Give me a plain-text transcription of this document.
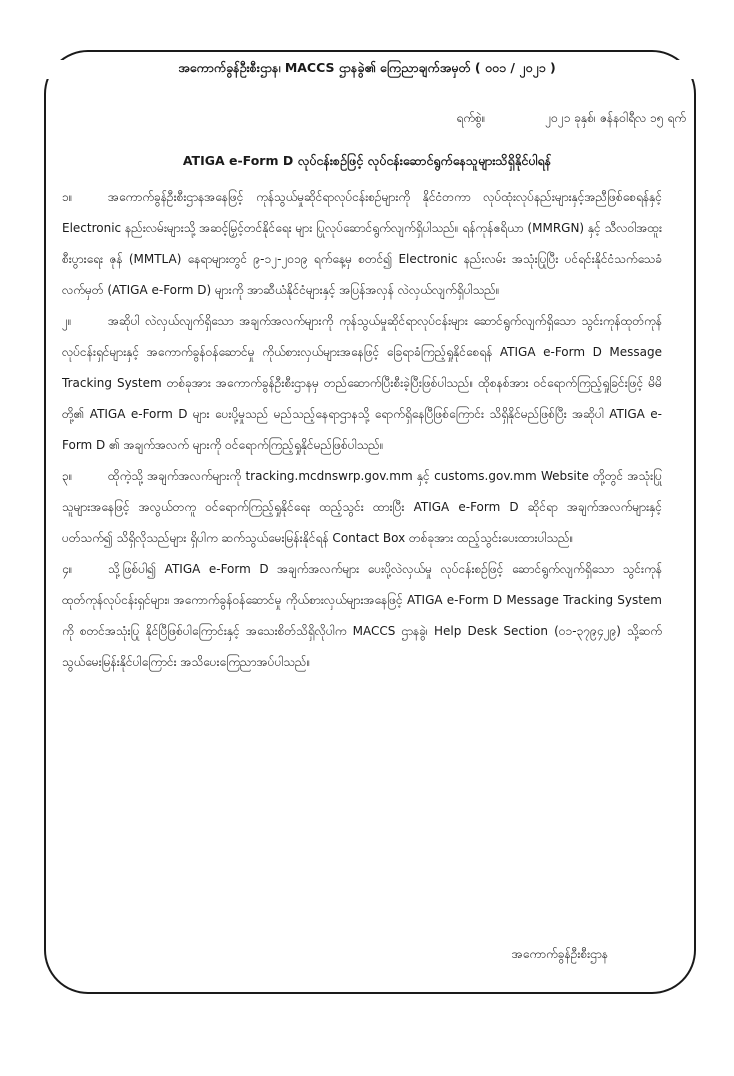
အကောက်ခွန်ဦးစီးဌာန၊ MACCS ဌာနခွဲ၏ ကြေညာချက်အမှတ် ( ၀၀၁ / ၂၀၂၁ )
ရက်စွဲ။	၂၀၂၁ ခုနှစ်၊ ဇန်နဝါရီလ ၁၅ ရက်
ATIGA e-Form D လုပ်ငန်းစဉ်ဖြင့် လုပ်ငန်းဆောင်ရွက်နေသူများသိရှိနိုင်ပါရန်

၁။	အကောက်ခွန်ဦးစီးဌာနအနေဖြင့် ကုန်သွယ်မှုဆိုင်ရာလုပ်ငန်းစဉ်များကို နိုင်ငံတကာ လုပ်ထုံးလုပ်နည်းများနှင့်အညီဖြစ်စေရန်နှင့် Electronic နည်းလမ်းများသို့ အဆင့်မြှင့်တင်နိုင်ရေး များ ပြုလုပ်ဆောင်ရွက်လျက်ရှိပါသည်။ ရန်ကုန်ဧရိယာ (MMRGN) နှင့် သီလဝါအထူးစီးပွားရေး ဇုန် (MMTLA) နေရာများတွင် ၉-၁၂-၂၀၁၉ ရက်နေ့မှ စတင်၍ Electronic နည်းလမ်း အသုံးပြုပြီး ပင်ရင်းနိုင်ငံသက်သေခံလက်မှတ် (ATIGA e-Form D) များကို အာဆီယံနိုင်ငံများနှင့် အပြန်အလှန် လဲလှယ်လျက်ရှိပါသည်။

၂။	အဆိုပါ လဲလှယ်လျက်ရှိသော အချက်အလက်များကို ကုန်သွယ်မှုဆိုင်ရာလုပ်ငန်းများ ဆောင်ရွက်လျက်ရှိသော သွင်းကုန်ထုတ်ကုန်လုပ်ငန်းရှင်များနှင့် အကောက်ခွန်ဝန်ဆောင်မှု ကိုယ်စားလှယ်များအနေဖြင့် ခြေရာခံကြည့်ရှုနိုင်စေရန် ATIGA e-Form D Message Tracking System တစ်ခုအား အကောက်ခွန်ဦးစီးဌာနမှ တည်ဆောက်ပြီးစီးခဲ့ပြီးဖြစ်ပါသည်။ ထိုစနစ်အား ဝင်ရောက်ကြည့်ရှုခြင်းဖြင့် မိမိတို့၏ ATIGA e-Form D များ ပေးပို့မှုသည် မည်သည့်နေရာဌာနသို့ ရောက်ရှိနေပြီဖြစ်ကြောင်း သိရှိနိုင်မည်ဖြစ်ပြီး အဆိုပါ ATIGA e-Form D ၏ အချက်အလက် များကို ဝင်ရောက်ကြည့်ရှုနိုင်မည်ဖြစ်ပါသည်။

၃။	ထိုကဲ့သို့ အချက်အလက်များကို tracking.mcdnswrp.gov.mm နှင့် customs.gov.mm Website တို့တွင် အသုံးပြုသူများအနေဖြင့် အလွယ်တကူ ဝင်ရောက်ကြည့်ရှုနိုင်ရေး ထည့်သွင်း ထားပြီး ATIGA e-Form D ဆိုင်ရာ အချက်အလက်များနှင့်ပတ်သက်၍ သိရှိလိုသည်များ ရှိပါက ဆက်သွယ်မေးမြန်းနိုင်ရန် Contact Box တစ်ခုအား ထည့်သွင်းပေးထားပါသည်။

၄။	သို့ဖြစ်ပါ၍ ATIGA e-Form D အချက်အလက်များ ပေးပို့လဲလှယ်မှု လုပ်ငန်းစဉ်ဖြင့် ဆောင်ရွက်လျက်ရှိသော သွင်းကုန်ထုတ်ကုန်လုပ်ငန်းရှင်များ၊ အကောက်ခွန်ဝန်ဆောင်မှု ကိုယ်စားလှယ်များအနေဖြင့် ATIGA e-Form D Message Tracking System ကို စတင်အသုံးပြု နိုင်ပြီဖြစ်ပါကြောင်းနှင့် အသေးစိတ်သိရှိလိုပါက MACCS ဌာနခွဲ၊ Help Desk Section (၀၁-၃၇၉၄၂၉) သို့ဆက်သွယ်မေးမြန်းနိုင်ပါကြောင်း အသိပေးကြေညာအပ်ပါသည်။

အကောက်ခွန်ဦးစီးဌာန
